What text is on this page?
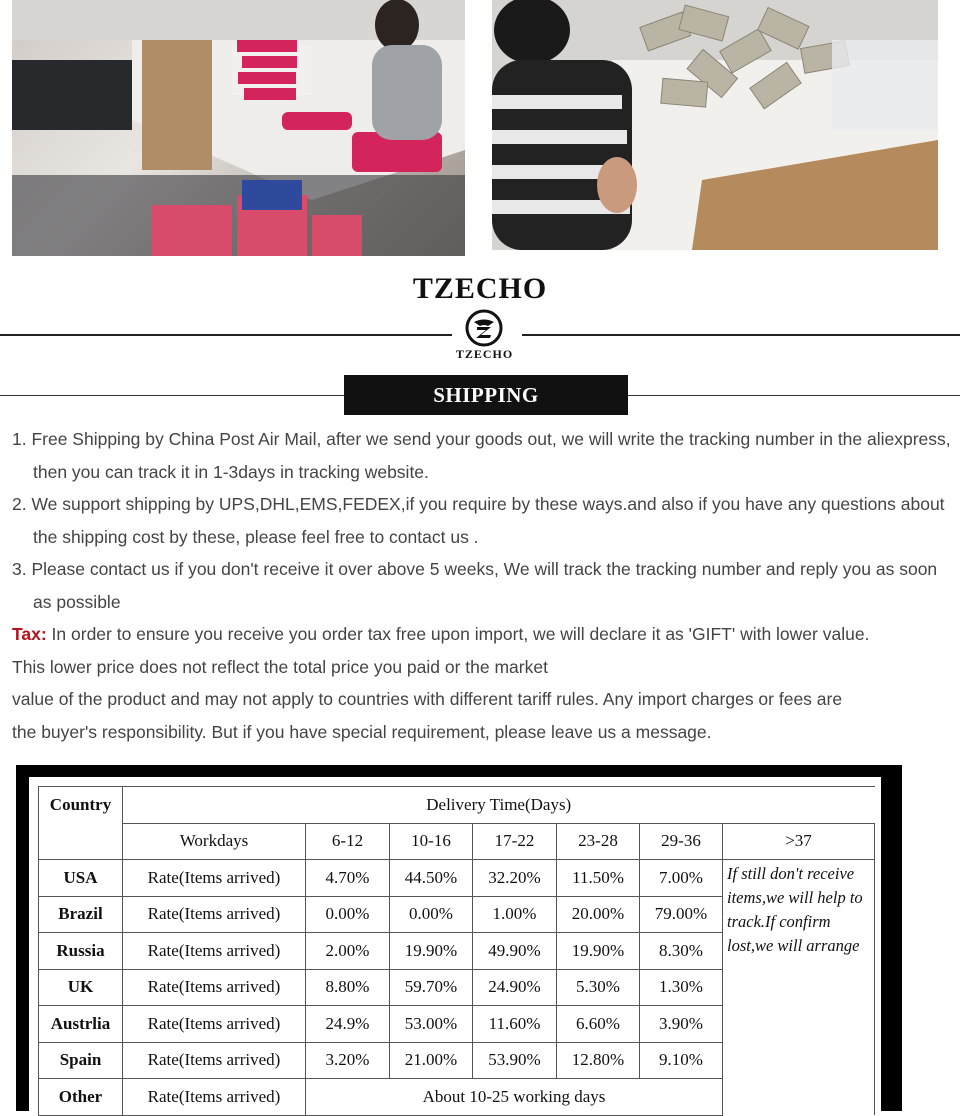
TZECHO
TZECHO
SHIPPING

1. Free Shipping by China Post Air Mail, after we send your goods out, we will write the tracking number in the aliexpress, then you can track it in 1-3days in tracking website.

2. We support shipping by UPS,DHL,EMS,FEDEX,if you require by these ways.and also if you have any questions about the shipping cost by these, please feel free to contact us .

3. Please contact us if you don't receive it over above 5 weeks, We will track the tracking number and reply you as soon as possible

Tax: In order to ensure you receive you order tax free upon import, we will declare it as 'GIFT' with lower value.

This lower price does not reflect the total price you paid or the market

value of the product and may not apply to countries with different tariff rules. Any import charges or fees are

the buyer's responsibility. But if you have special requirement, please leave us a message.

Country	Delivery Time(Days)						
	Workdays	6-12	10-16	17-22	23-28	29-36	>37
USA	Rate(Items arrived)	4.70%	44.50%	32.20%	11.50%	7.00%	If still don't receive items,we will help to track.If confirm lost,we will arrange
Brazil	Rate(Items arrived)	0.00%	0.00%	1.00%	20.00%	79.00%	
Russia	Rate(Items arrived)	2.00%	19.90%	49.90%	19.90%	8.30%	
UK	Rate(Items arrived)	8.80%	59.70%	24.90%	5.30%	1.30%	
Austrlia	Rate(Items arrived)	24.9%	53.00%	11.60%	6.60%	3.90%	
Spain	Rate(Items arrived)	3.20%	21.00%	53.90%	12.80%	9.10%	
Other	Rate(Items arrived)	About 10-25 working days					
